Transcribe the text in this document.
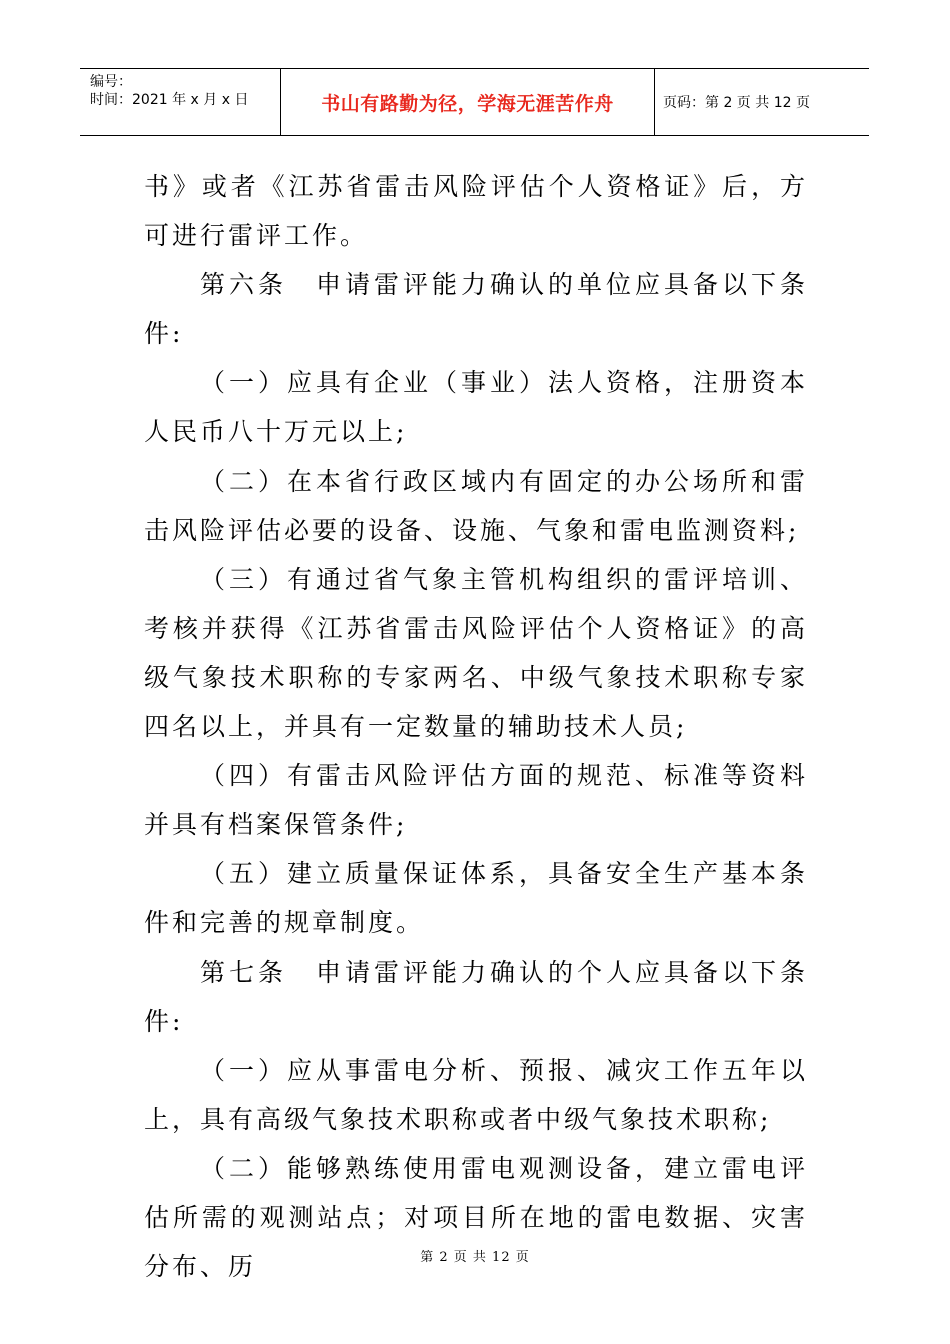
编号：
时间：2021 年 x 月 x 日	书山有路勤为径，学海无涯苦作舟	页码：第 2 页 共 12 页

书》或者《江苏省雷击风险评估个人资格证》后，方可进行雷评工作。

第六条　申请雷评能力确认的单位应具备以下条件:

（一）应具有企业（事业）法人资格，注册资本人民币八十万元以上;

（二）在本省行政区域内有固定的办公场所和雷击风险评估必要的设备、设施、气象和雷电监测资料;

（三）有通过省气象主管机构组织的雷评培训、考核并获得《江苏省雷击风险评估个人资格证》的高级气象技术职称的专家两名、中级气象技术职称专家四名以上，并具有一定数量的辅助技术人员;

（四）有雷击风险评估方面的规范、标准等资料并具有档案保管条件;

（五）建立质量保证体系，具备安全生产基本条件和完善的规章制度。

第七条　申请雷评能力确认的个人应具备以下条件:

（一）应从事雷电分析、预报、减灾工作五年以上，具有高级气象技术职称或者中级气象技术职称;

（二）能够熟练使用雷电观测设备，建立雷电评估所需的观测站点；对项目所在地的雷电数据、灾害分布、历	第 2 页 共 12 页
